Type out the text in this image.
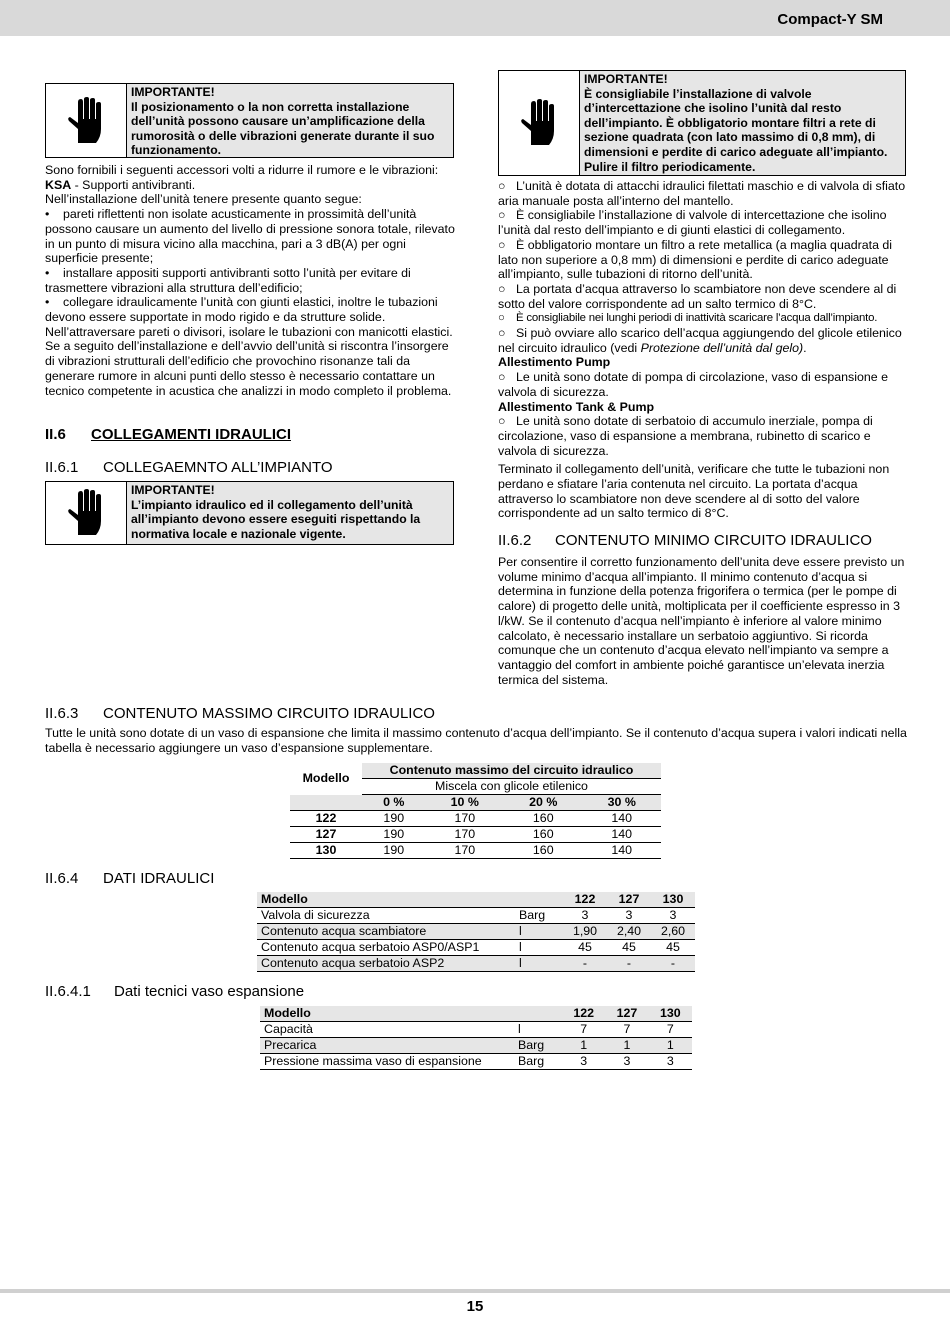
Compact-Y SM
IMPORTANTE!
Il posizionamento o la non corretta installazione dell’unità possono causare un’amplificazione della rumorosità o delle vibrazioni generate durante il suo funzionamento.
Sono fornibili i seguenti accessori volti a ridurre il rumore e le vibrazioni:
KSA - Supporti antivibranti.
Nell’installazione dell’unità tenere presente quanto segue:
• pareti riflettenti non isolate acusticamente in prossimità dell’unità possono causare un aumento del livello di pressione sonora totale, rilevato in un punto di misura vicino alla macchina, pari a 3 dB(A) per ogni superficie presente;
• installare appositi supporti antivibranti sotto l’unità per evitare di trasmettere vibrazioni alla struttura dell’edificio;
• collegare idraulicamente l’unità con giunti elastici, inoltre le tubazioni devono essere supportate in modo rigido e da strutture solide.
Nell’attraversare pareti o divisori, isolare le tubazioni con manicotti elastici. Se a seguito dell’installazione e dell’avvio dell’unità si riscontra l’insorgere di vibrazioni strutturali dell’edificio che provochino risonanze tali da generare rumore in alcuni punti dello stesso è necessario contattare un tecnico competente in acustica che analizzi in modo completo il problema.
II.6 COLLEGAMENTI IDRAULICI
II.6.1 COLLEGAEMNTO ALL’IMPIANTO
IMPORTANTE!
L’impianto idraulico ed il collegamento dell’unità all’impianto devono essere eseguiti rispettando la normativa locale e nazionale vigente.
IMPORTANTE!
È consigliabile l’installazione di valvole d’intercettazione che isolino l’unità dal resto dell’impianto. È obbligatorio montare filtri a rete di sezione quadrata (con lato massimo di 0,8 mm), di dimensioni e perdite di carico adeguate all’impianto. Pulire il filtro periodicamente.
○ L’unità è dotata di attacchi idraulici filettati maschio e di valvola di sfiato aria manuale posta all’interno del mantello.
○ È consigliabile l’installazione di valvole di intercettazione che isolino l’unità dal resto dell’impianto e di giunti elastici di collegamento.
○ È obbligatorio montare un filtro a rete metallica (a maglia quadrata di lato non superiore a 0,8 mm) di dimensioni e perdite di carico adeguate all’impianto, sulle tubazioni di ritorno dell’unità.
○ La portata d’acqua attraverso lo scambiatore non deve scendere al di sotto del valore corrispondente ad un salto termico di 8°C.
○ È consigliabile nei lunghi periodi di inattività scaricare l’acqua dall’impianto.
○ Si può ovviare allo scarico dell’acqua aggiungendo del glicole etilenico nel circuito idraulico (vedi Protezione dell’unità dal gelo).
Allestimento Pump
○ Le unità sono dotate di pompa di circolazione, vaso di espansione e valvola di sicurezza.
Allestimento Tank & Pump
○ Le unità sono dotate di serbatoio di accumulo inerziale, pompa di circolazione, vaso di espansione a membrana, rubinetto di scarico e valvola di sicurezza.
Terminato il collegamento dell’unità, verificare che tutte le tubazioni non perdano e sfiatare l’aria contenuta nel circuito. La portata d’acqua attraverso lo scambiatore non deve scendere al di sotto del valore corrispondente ad un salto termico di 8°C.
II.6.2 CONTENUTO MINIMO CIRCUITO IDRAULICO
Per consentire il corretto funzionamento dell’unita deve essere previsto un volume minimo d’acqua all’impianto. Il minimo contenuto d’acqua si determina in funzione della potenza frigorifera o termica (per le pompe di calore) di progetto delle unità, moltiplicata per il coefficiente espresso in 3 l/kW. Se il contenuto d’acqua nell’impianto è inferiore al valore minimo calcolato, è necessario installare un serbatoio aggiuntivo. Si ricorda comunque che un contenuto d’acqua elevato nell’impianto va sempre a vantaggio del comfort in ambiente poiché garantisce un’elevata inerzia termica del sistema.
II.6.3 CONTENUTO MASSIMO CIRCUITO IDRAULICO
Tutte le unità sono dotate di un vaso di espansione che limita il massimo contenuto d’acqua dell’impianto. Se il contenuto d’acqua supera i valori indicati nella tabella è necessario aggiungere un vaso d’espansione supplementare.
Modello	Contenuto massimo del circuito idraulico			
	Miscela con glicole etilenico			
	0 %	10 %	20 %	30 %
122	190	170	160	140
127	190	170	160	140
130	190	170	160	140
II.6.4 DATI IDRAULICI
Modello		122	127	130
Valvola di sicurezza	Barg	3	3	3
Contenuto acqua scambiatore	l	1,90	2,40	2,60
Contenuto acqua serbatoio ASP0/ASP1	l	45	45	45
Contenuto acqua serbatoio ASP2	l	-	-	-
II.6.4.1 Dati tecnici vaso espansione
Modello		122	127	130
Capacità	l	7	7	7
Precarica	Barg	1	1	1
Pressione massima vaso di espansione	Barg	3	3	3
15
